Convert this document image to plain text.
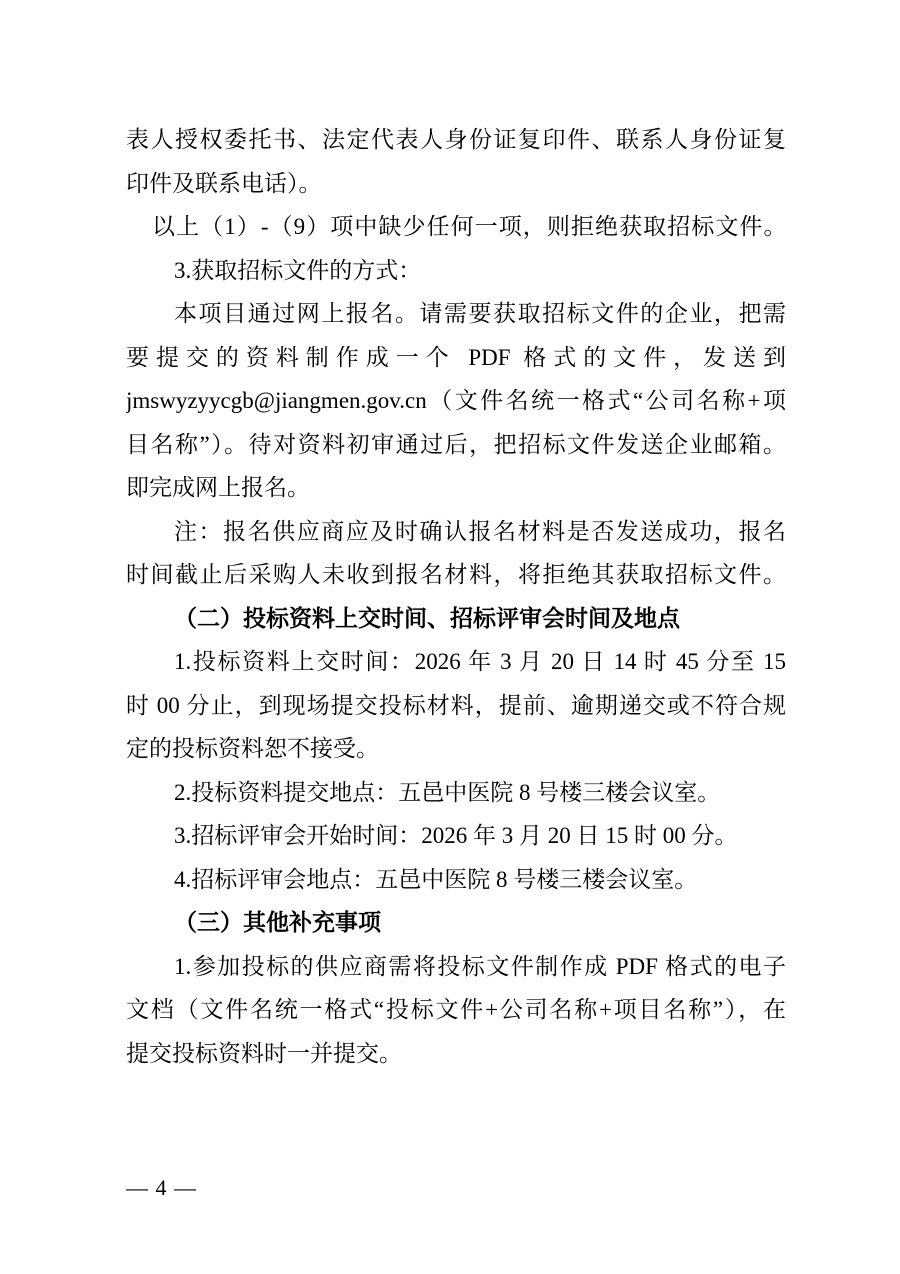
表人授权委托书、法定代表人身份证复印件、联系人身份证复
印件及联系电话）。
以上（1）-（9）项中缺少任何一项，则拒绝获取招标文件。
3.获取招标文件的方式：
本项目通过网上报名。请需要获取招标文件的企业，把需
要提交的资料制作成一个 PDF 格式的文件，发送到
jmswyzyycgb@jiangmen.gov.cn（文件名统一格式“公司名称+项
目名称”）。待对资料初审通过后，把招标文件发送企业邮箱。
即完成网上报名。
注：报名供应商应及时确认报名材料是否发送成功，报名
时间截止后采购人未收到报名材料，将拒绝其获取招标文件。
（二）投标资料上交时间、招标评审会时间及地点
1.投标资料上交时间：2026 年 3 月 20 日 14 时 45 分至 15
时 00 分止，到现场提交投标材料，提前、逾期递交或不符合规
定的投标资料恕不接受。
2.投标资料提交地点：五邑中医院 8 号楼三楼会议室。
3.招标评审会开始时间：2026 年 3 月 20 日 15 时 00 分。
4.招标评审会地点：五邑中医院 8 号楼三楼会议室。
（三）其他补充事项
1.参加投标的供应商需将投标文件制作成 PDF 格式的电子
文档（文件名统一格式“投标文件+公司名称+项目名称”），在
提交投标资料时一并提交。
— 4 —
